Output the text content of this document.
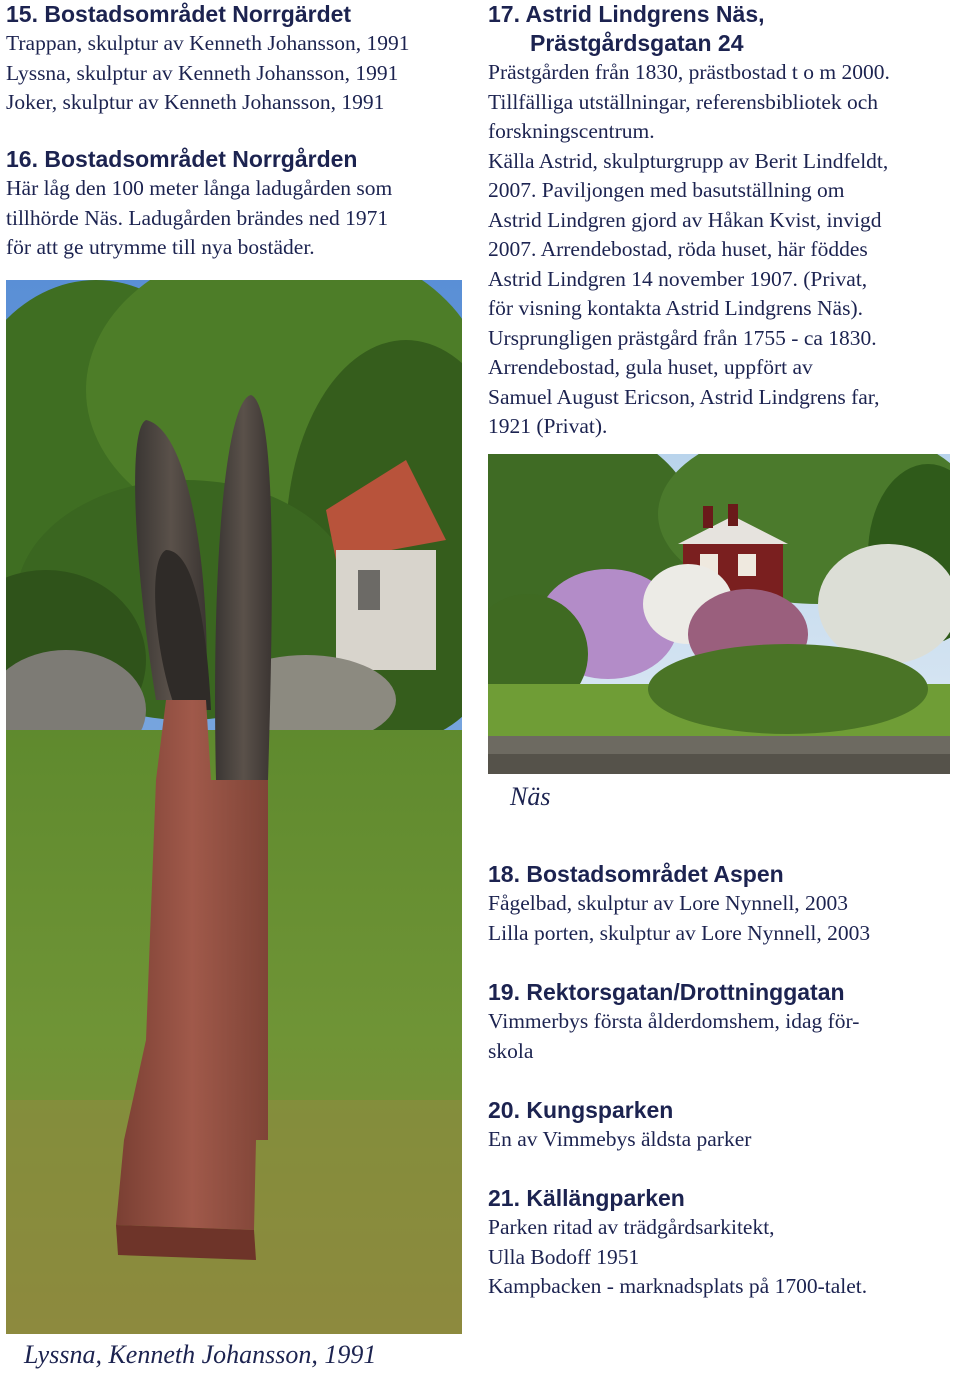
15. Bostadsområdet Norrgärdet

Trappan, skulptur av Kenneth Johansson, 1991

Lyssna, skulptur av Kenneth Johansson, 1991

Joker, skulptur av Kenneth Johansson, 1991

16. Bostadsområdet Norrgården

Här låg den 100 meter långa ladugården som

tillhörde Näs. Ladugården brändes ned 1971

för att ge utrymme till nya bostäder.

17. Astrid Lindgrens Näs,

Prästgårdsgatan 24

Prästgården från 1830, prästbostad t o m 2000.

Tillfälliga utställningar, referensbibliotek och

forskningscentrum.

Källa Astrid, skulpturgrupp av Berit Lindfeldt,

2007. Paviljongen med basutställning om

Astrid Lindgren gjord av Håkan Kvist, invigd

2007. Arrendebostad, röda huset, här föddes

Astrid Lindgren 14 november 1907. (Privat,

för visning kontakta Astrid Lindgrens Näs).

Ursprungligen prästgård från 1755 - ca 1830.

Arrendebostad, gula huset, uppfört av

Samuel August Ericson, Astrid Lindgrens far,

1921 (Privat).

Näs
Lyssna, Kenneth Johansson, 1991

18. Bostadsområdet Aspen

Fågelbad, skulptur av Lore Nynnell, 2003

Lilla porten, skulptur av Lore Nynnell, 2003

19. Rektorsgatan/Drottninggatan

Vimmerbys första ålderdomshem, idag för-

skola

20. Kungsparken

En av Vimmebys äldsta parker

21. Källängparken

Parken ritad av trädgårdsarkitekt,

Ulla Bodoff 1951

Kampbacken - marknadsplats på 1700-talet.
